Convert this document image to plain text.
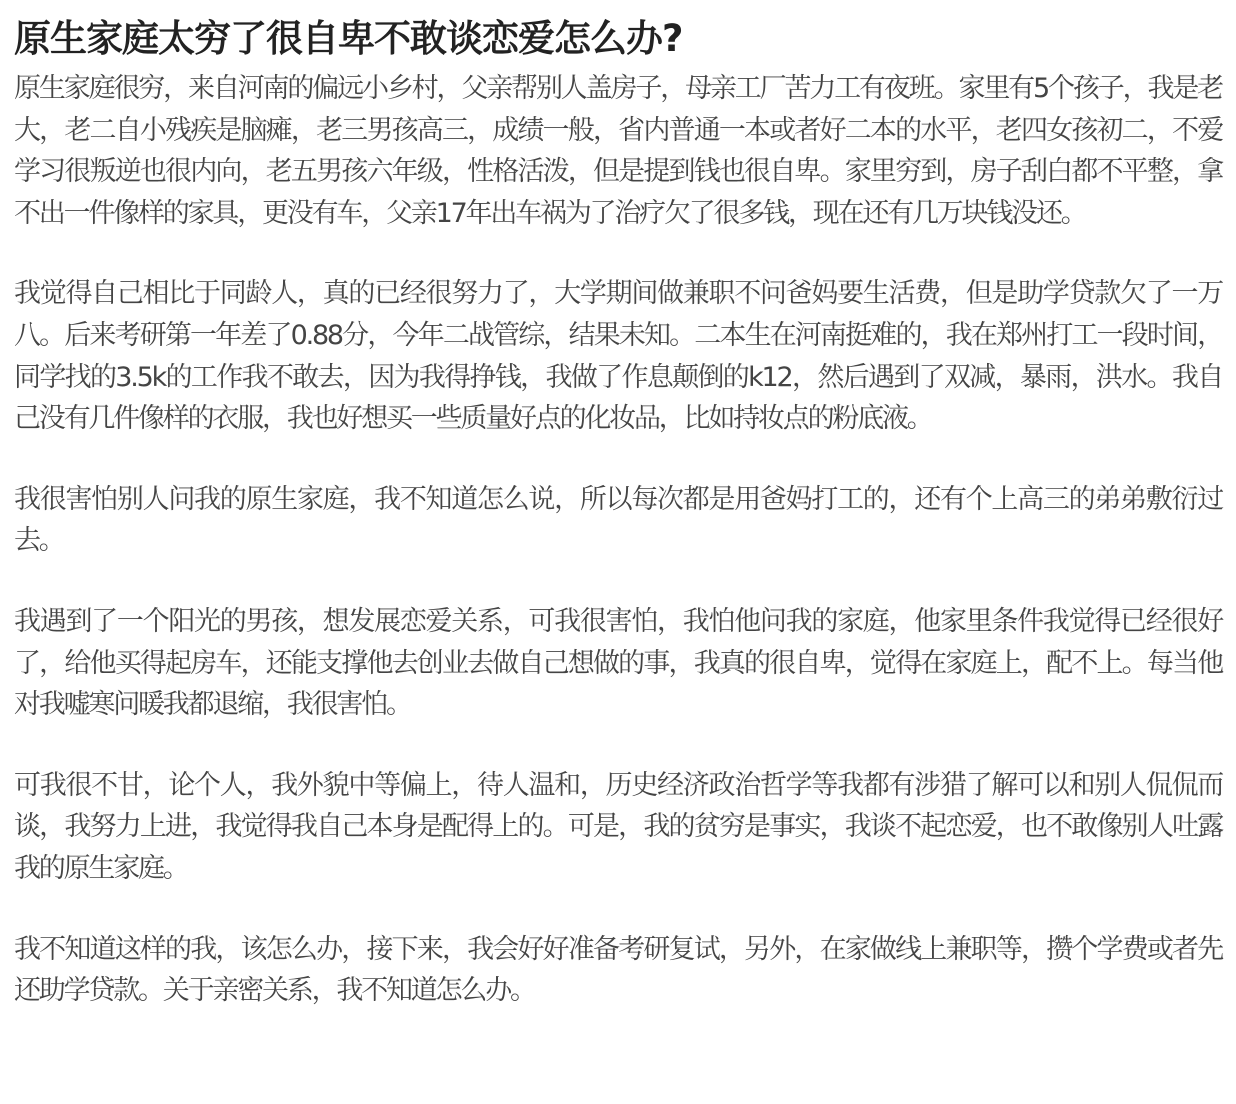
原生家庭太穷了很自卑不敢谈恋爱怎么办?

原生家庭很穷，来自河南的偏远小乡村，父亲帮别人盖房子，母亲工厂苦力工有夜班。家里有5个孩子，我是老大，老二自小残疾是脑瘫，老三男孩高三，成绩一般，省内普通一本或者好二本的水平，老四女孩初二，不爱学习很叛逆也很内向，老五男孩六年级，性格活泼，但是提到钱也很自卑。家里穷到，房子刮白都不平整，拿不出一件像样的家具，更没有车，父亲17年出车祸为了治疗欠了很多钱，现在还有几万块钱没还。

我觉得自己相比于同龄人，真的已经很努力了，大学期间做兼职不问爸妈要生活费，但是助学贷款欠了一万八。后来考研第一年差了0.88分，今年二战管综，结果未知。二本生在河南挺难的，我在郑州打工一段时间，同学找的3.5k的工作我不敢去，因为我得挣钱，我做了作息颠倒的k12，然后遇到了双减，暴雨，洪水。我自己没有几件像样的衣服，我也好想买一些质量好点的化妆品，比如持妆点的粉底液。

我很害怕别人问我的原生家庭，我不知道怎么说，所以每次都是用爸妈打工的，还有个上高三的弟弟敷衍过去。

我遇到了一个阳光的男孩，想发展恋爱关系，可我很害怕，我怕他问我的家庭，他家里条件我觉得已经很好了，给他买得起房车，还能支撑他去创业去做自己想做的事，我真的很自卑，觉得在家庭上，配不上。每当他对我嘘寒问暖我都退缩，我很害怕。

可我很不甘，论个人，我外貌中等偏上，待人温和，历史经济政治哲学等我都有涉猎了解可以和别人侃侃而谈，我努力上进，我觉得我自己本身是配得上的。可是，我的贫穷是事实，我谈不起恋爱，也不敢像别人吐露我的原生家庭。

我不知道这样的我，该怎么办，接下来，我会好好准备考研复试，另外，在家做线上兼职等，攒个学费或者先还助学贷款。关于亲密关系，我不知道怎么办。
